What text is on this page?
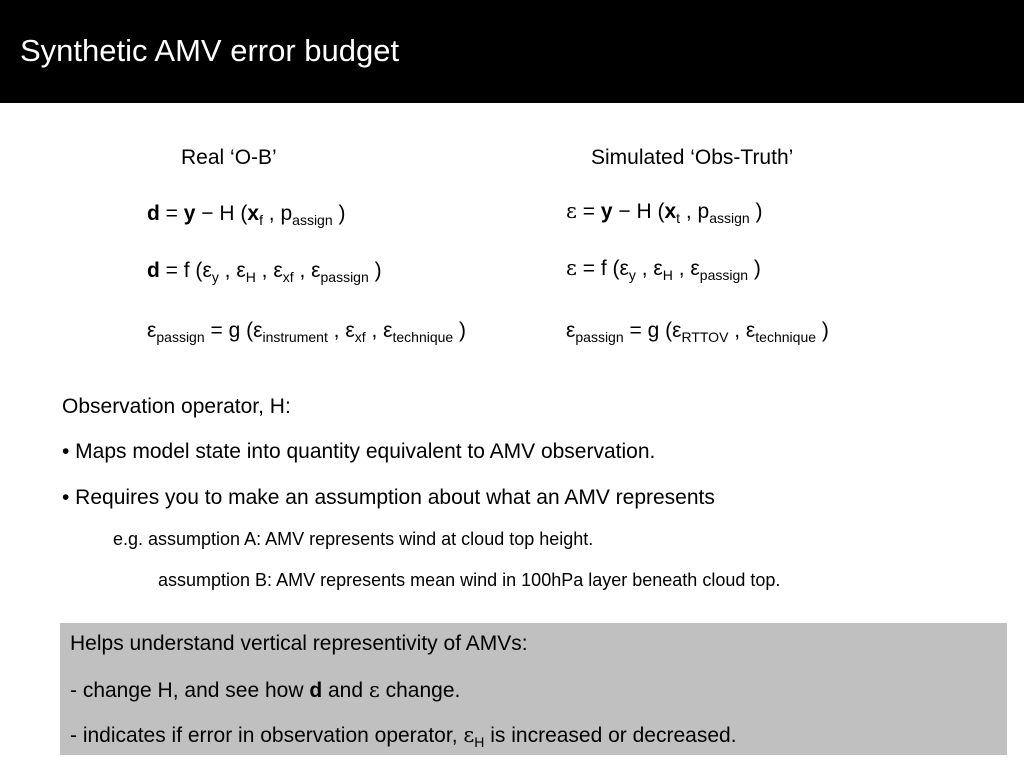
Synthetic AMV error budget
Real ‘O-B’	Simulated ‘Obs-Truth’
d = y − H ($x_f$ , $p_{assign}$ )
d = f ($\varepsilon_y$ , $\varepsilon_H$ , $\varepsilon_{xf}$ , $\varepsilon_{passign}$ )
$\varepsilon_{passign} = g$ ($\varepsilon_{instrument}$ , $\varepsilon_{xf}$ , $\varepsilon_{technique}$ )
ε = y − H ($x_t$ , $p_{assign}$ )
ε = f ($\varepsilon_y$ , $\varepsilon_H$ , $\varepsilon_{passign}$ )
$\varepsilon_{passign} = g$ ($\varepsilon_{RTTOV}$ , $\varepsilon_{technique}$ )
Observation operator, H:
• Maps model state into quantity equivalent to AMV observation.
• Requires you to make an assumption about what an AMV represents
e.g. assumption A: AMV represents wind at cloud top height.
assumption B: AMV represents mean wind in 100hPa layer beneath cloud top.
Helps understand vertical representivity of AMVs:
- change H, and see how d and ε change.
- indicates if error in observation operator, $\varepsilon_H$ is increased or decreased.
